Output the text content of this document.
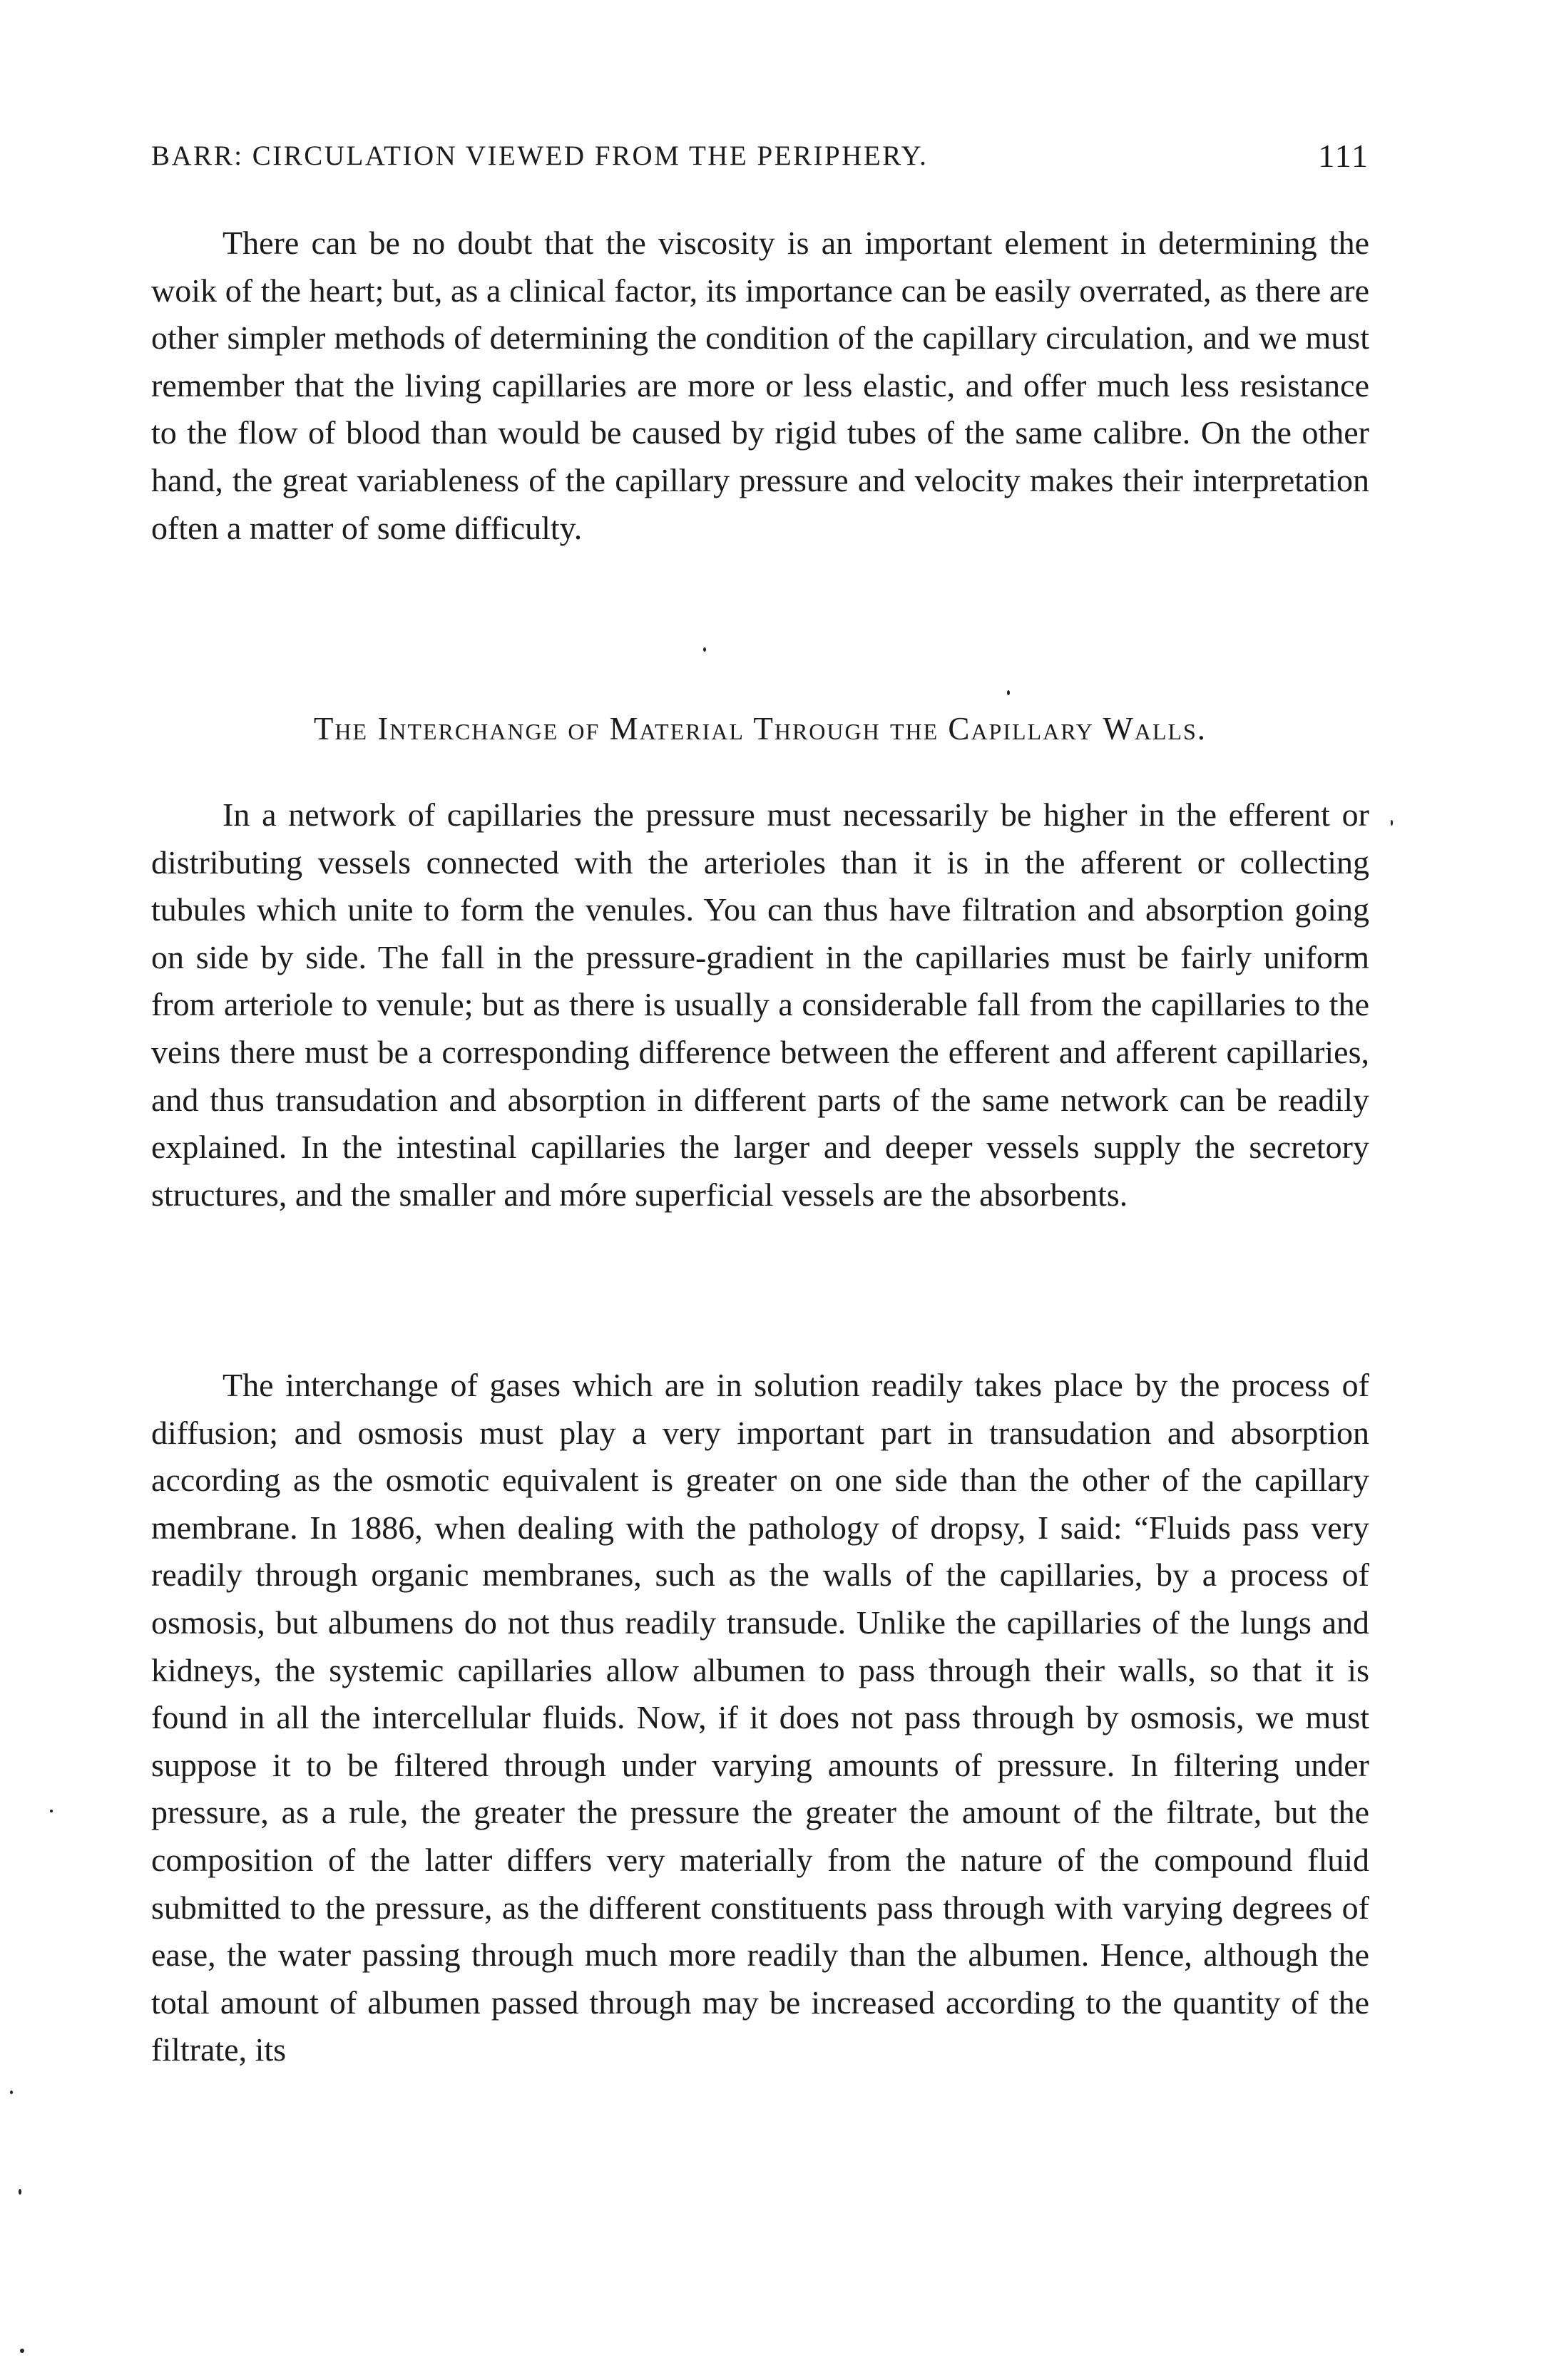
BARR: CIRCULATION VIEWED FROM THE PERIPHERY.	111

There can be no doubt that the viscosity is an important element in determining the woik of the heart; but, as a clinical factor, its importance can be easily overrated, as there are other simpler methods of determining the condition of the capillary circulation, and we must remember that the living capillaries are more or less elastic, and offer much less resistance to the flow of blood than would be caused by rigid tubes of the same calibre. On the other hand, the great variableness of the capillary pressure and velocity makes their interpretation often a matter of some difficulty.

The Interchange of Material Through the Capillary Walls.

In a network of capillaries the pressure must necessarily be higher in the efferent or distributing vessels connected with the arterioles than it is in the afferent or collecting tubules which unite to form the venules. You can thus have filtration and absorption going on side by side. The fall in the pressure-gradient in the capillaries must be fairly uniform from arteriole to venule; but as there is usually a considerable fall from the capillaries to the veins there must be a corresponding difference between the efferent and afferent capillaries, and thus transudation and absorption in different parts of the same network can be readily explained. In the intestinal capillaries the larger and deeper vessels supply the secretory structures, and the smaller and móre superficial vessels are the absorbents.

The interchange of gases which are in solution readily takes place by the process of diffusion; and osmosis must play a very important part in transudation and absorption according as the osmotic equivalent is greater on one side than the other of the capillary membrane. In 1886, when dealing with the pathology of dropsy, I said: “Fluids pass very readily through organic membranes, such as the walls of the capillaries, by a process of osmosis, but albumens do not thus readily transude. Unlike the capillaries of the lungs and kidneys, the systemic capillaries allow albumen to pass through their walls, so that it is found in all the intercellular fluids. Now, if it does not pass through by osmosis, we must suppose it to be filtered through under varying amounts of pressure. In filtering under pressure, as a rule, the greater the pressure the greater the amount of the filtrate, but the composition of the latter differs very materially from the nature of the compound fluid submitted to the pressure, as the different constituents pass through with varying degrees of ease, the water passing through much more readily than the albumen. Hence, although the total amount of albumen passed through may be increased according to the quantity of the filtrate, its
